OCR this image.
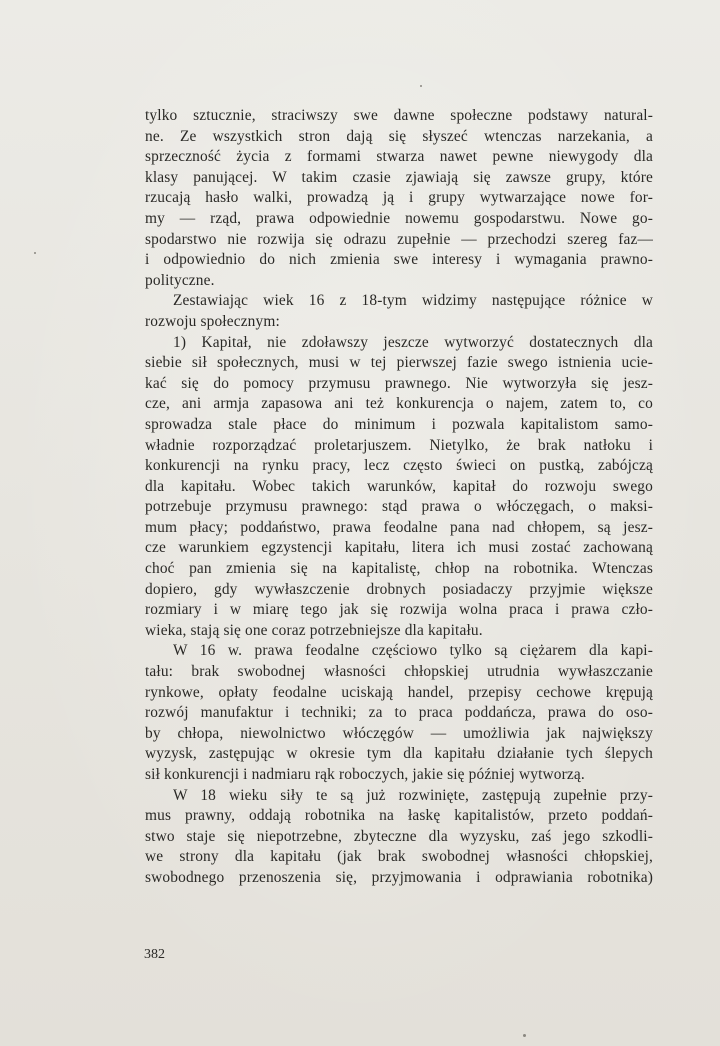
tylko sztucznie, straciwszy swe dawne społeczne podstawy natural-
ne. Ze wszystkich stron dają się słyszeć wtenczas narzekania, a
sprzeczność życia z formami stwarza nawet pewne niewygody dla
klasy panującej. W takim czasie zjawiają się zawsze grupy, które
rzucają hasło walki, prowadzą ją i grupy wytwarzające nowe for-
my — rząd, prawa odpowiednie nowemu gospodarstwu. Nowe go-
spodarstwo nie rozwija się odrazu zupełnie — przechodzi szereg faz—
i odpowiednio do nich zmienia swe interesy i wymagania prawno-
polityczne.
Zestawiając wiek 16 z 18-tym widzimy następujące różnice w
rozwoju społecznym:
1) Kapitał, nie zdoławszy jeszcze wytworzyć dostatecznych dla
siebie sił społecznych, musi w tej pierwszej fazie swego istnienia ucie-
kać się do pomocy przymusu prawnego. Nie wytworzyła się jesz-
cze, ani armja zapasowa ani też konkurencja o najem, zatem to, co
sprowadza stale płace do minimum i pozwala kapitalistom samo-
władnie rozporządzać proletarjuszem. Nietylko, że brak natłoku i
konkurencji na rynku pracy, lecz często świeci on pustką, zabójczą
dla kapitału. Wobec takich warunków, kapitał do rozwoju swego
potrzebuje przymusu prawnego: stąd prawa o włóczęgach, o maksi-
mum płacy; poddaństwo, prawa feodalne pana nad chłopem, są jesz-
cze warunkiem egzystencji kapitału, litera ich musi zostać zachowaną
choć pan zmienia się na kapitalistę, chłop na robotnika. Wtenczas
dopiero, gdy wywłaszczenie drobnych posiadaczy przyjmie większe
rozmiary i w miarę tego jak się rozwija wolna praca i prawa czło-
wieka, stają się one coraz potrzebniejsze dla kapitału.
W 16 w. prawa feodalne częściowo tylko są ciężarem dla kapi-
tału: brak swobodnej własności chłopskiej utrudnia wywłaszczanie
rynkowe, opłaty feodalne uciskają handel, przepisy cechowe krępują
rozwój manufaktur i techniki; za to praca poddańcza, prawa do oso-
by chłopa, niewolnictwo włóczęgów — umożliwia jak największy
wyzysk, zastępując w okresie tym dla kapitału działanie tych ślepych
sił konkurencji i nadmiaru rąk roboczych, jakie się później wytworzą.
W 18 wieku siły te są już rozwinięte, zastępują zupełnie przy-
mus prawny, oddają robotnika na łaskę kapitalistów, przeto poddań-
stwo staje się niepotrzebne, zbyteczne dla wyzysku, zaś jego szkodli-
we strony dla kapitału (jak brak swobodnej własności chłopskiej,
swobodnego przenoszenia się, przyjmowania i odprawiania robotnika)
382
